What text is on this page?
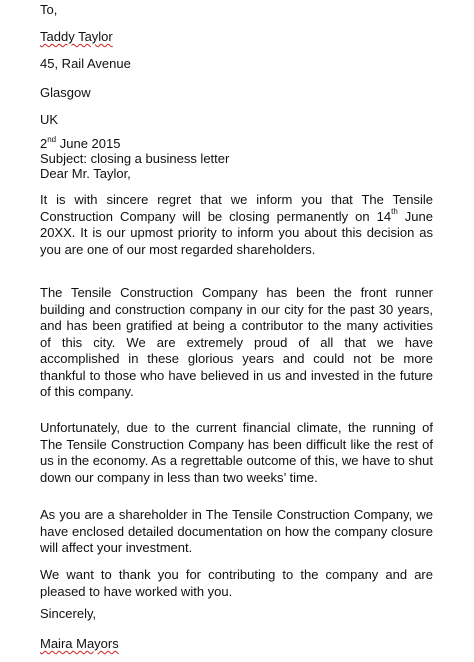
To,
Taddy Taylor
45, Rail Avenue
Glasgow
UK
2nd June 2015
Subject: closing a business letter
Dear Mr. Taylor,
It is with sincere regret that we inform you that The Tensile Construction Company will be closing permanently on 14th June 20XX. It is our upmost priority to inform you about this decision as you are one of our most regarded shareholders.
The Tensile Construction Company has been the front runner building and construction company in our city for the past 30 years, and has been gratified at being a contributor to the many activities of this city. We are extremely proud of all that we have accomplished in these glorious years and could not be more thankful to those who have believed in us and invested in the future of this company.
Unfortunately, due to the current financial climate, the running of The Tensile Construction Company has been difficult like the rest of us in the economy. As a regrettable outcome of this, we have to shut down our company in less than two weeks’ time.
As you are a shareholder in The Tensile Construction Company, we have enclosed detailed documentation on how the company closure will affect your investment.
We want to thank you for contributing to the company and are pleased to have worked with you.
Sincerely,
Maira Mayors
